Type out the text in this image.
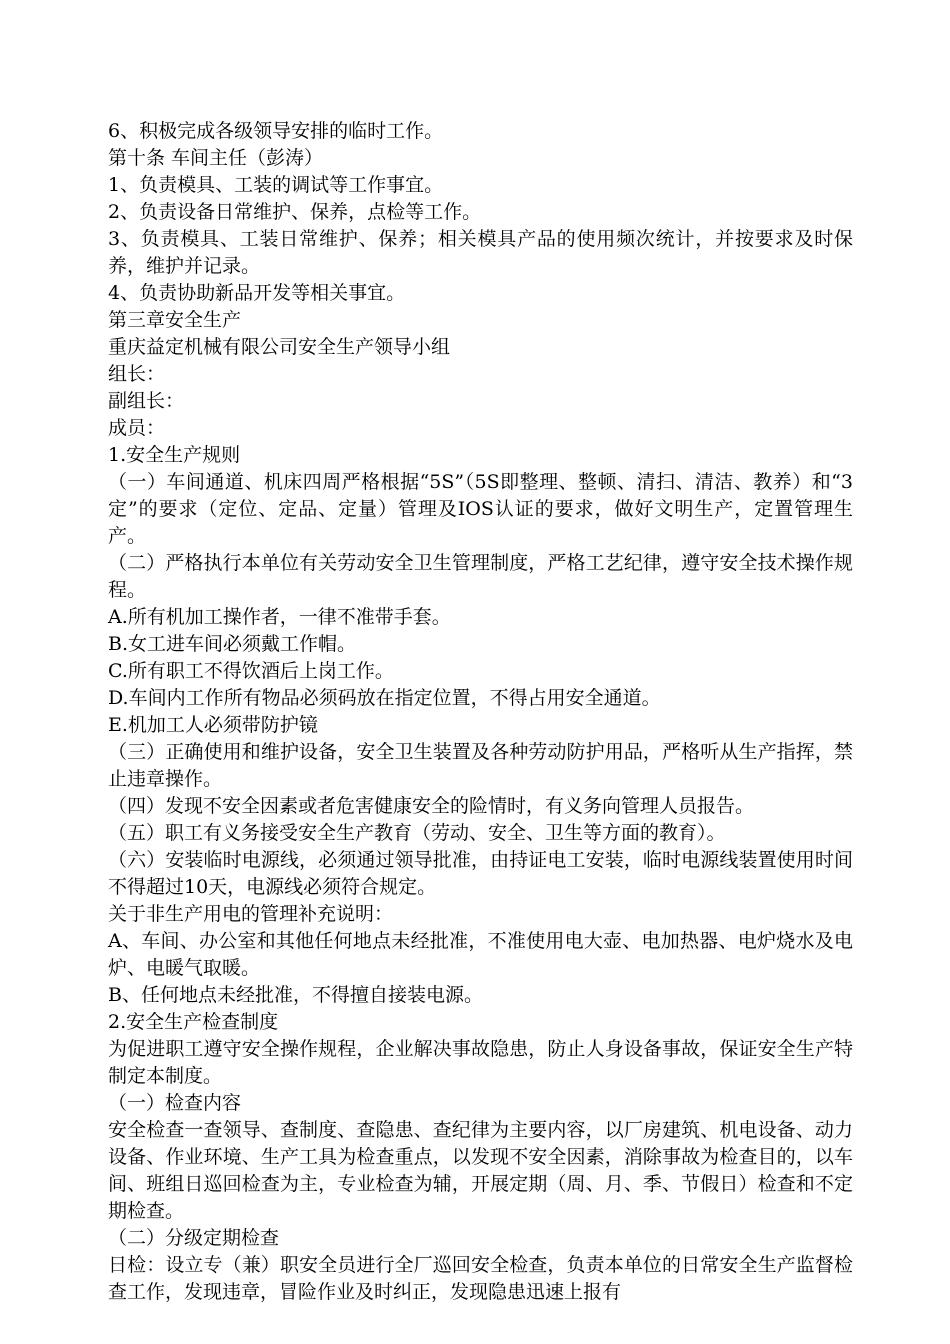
6、积极完成各级领导安排的临时工作。

第十条 车间主任（彭涛）

1、负责模具、工装的调试等工作事宜。

2、负责设备日常维护、保养，点检等工作。

3、负责模具、工装日常维护、保养；相关模具产品的使用频次统计，并按要求及时保养，维护并记录。

4、负责协助新品开发等相关事宜。

第三章安全生产

重庆益定机械有限公司安全生产领导小组

组长：

副组长：

成员：

1.安全生产规则

（一）车间通道、机床四周严格根据“5S”（5S即整理、整顿、清扫、清洁、教养）和“3定”的要求（定位、定品、定量）管理及IOS认证的要求，做好文明生产，定置管理生产。

（二）严格执行本单位有关劳动安全卫生管理制度，严格工艺纪律，遵守安全技术操作规程。

A.所有机加工操作者，一律不准带手套。

B.女工进车间必须戴工作帽。

C.所有职工不得饮酒后上岗工作。

D.车间内工作所有物品必须码放在指定位置，不得占用安全通道。

E.机加工人必须带防护镜

（三）正确使用和维护设备，安全卫生装置及各种劳动防护用品，严格听从生产指挥，禁止违章操作。

（四）发现不安全因素或者危害健康安全的险情时，有义务向管理人员报告。

（五）职工有义务接受安全生产教育（劳动、安全、卫生等方面的教育）。

（六）安装临时电源线，必须通过领导批准，由持证电工安装，临时电源线装置使用时间不得超过10天，电源线必须符合规定。

关于非生产用电的管理补充说明：

A、车间、办公室和其他任何地点未经批准，不准使用电大壶、电加热器、电炉烧水及电炉、电暖气取暖。

B、任何地点未经批准，不得擅自接装电源。

2.安全生产检查制度

为促进职工遵守安全操作规程，企业解决事故隐患，防止人身设备事故，保证安全生产特制定本制度。

（一）检查内容

安全检查一查领导、查制度、查隐患、查纪律为主要内容，以厂房建筑、机电设备、动力设备、作业环境、生产工具为检查重点，以发现不安全因素，消除事故为检查目的，以车间、班组日巡回检查为主，专业检查为辅，开展定期（周、月、季、节假日）检查和不定期检查。

（二）分级定期检查

日检：设立专（兼）职安全员进行全厂巡回安全检查，负责本单位的日常安全生产监督检查工作，发现违章，冒险作业及时纠正，发现隐患迅速上报有
